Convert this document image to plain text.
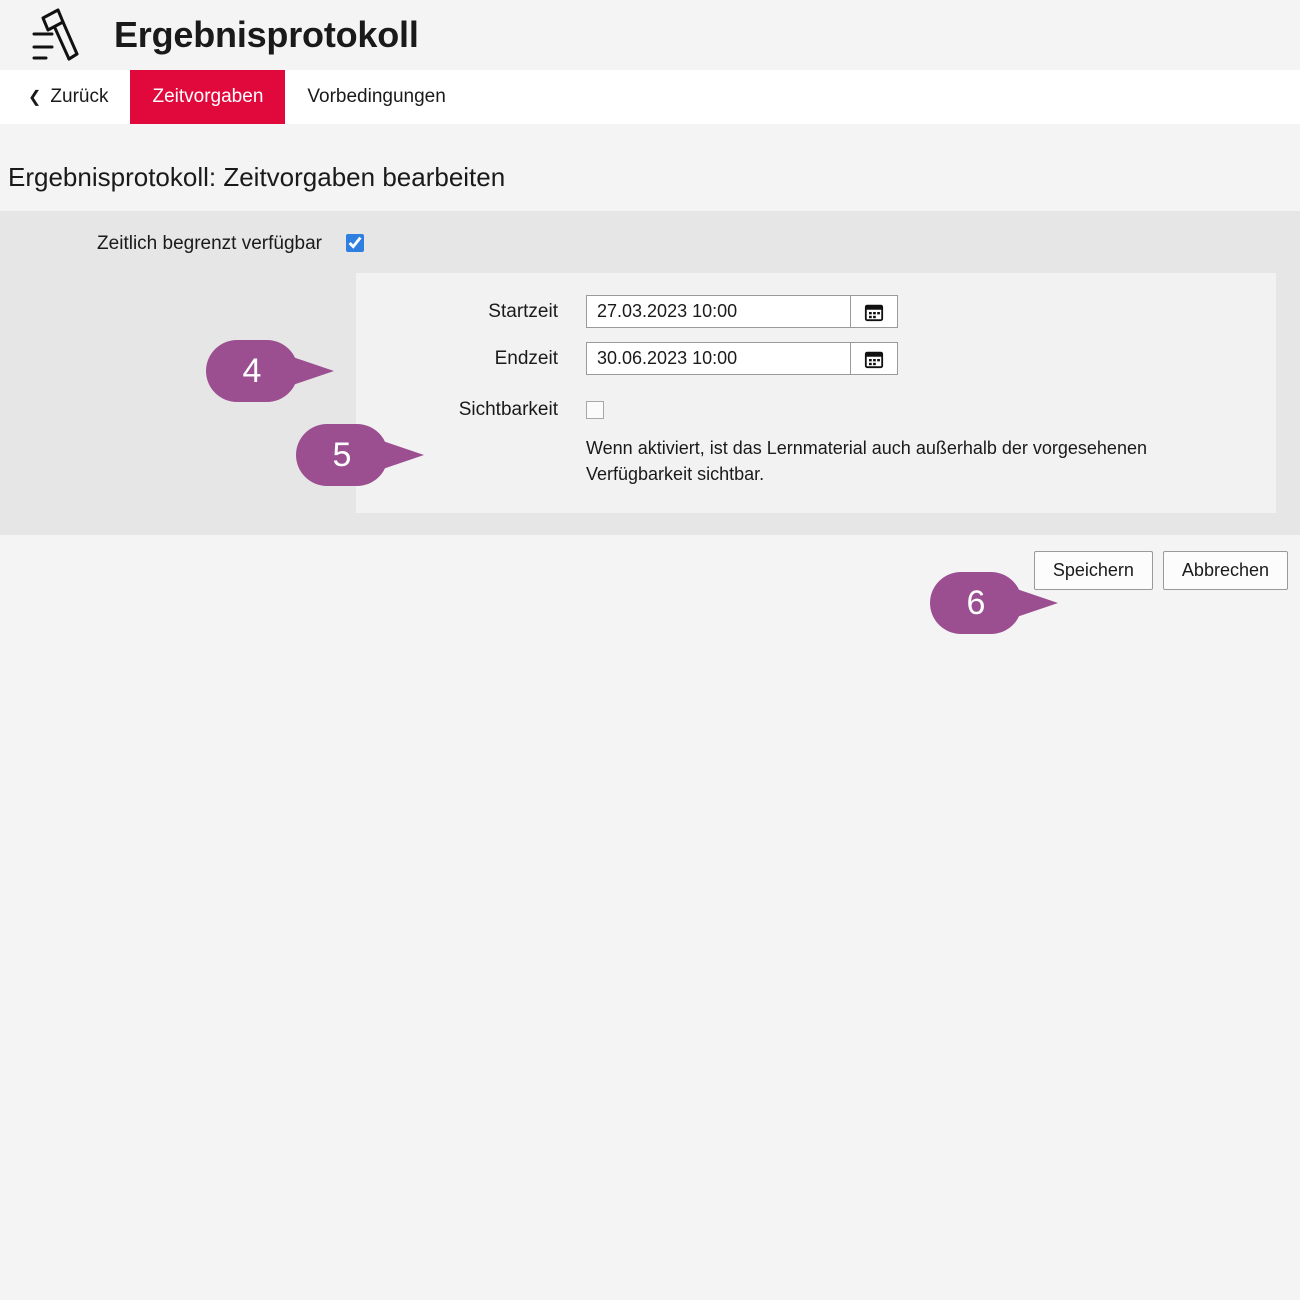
Ergebnisprotokoll
❮ Zurück Zeitvorgaben Vorbedingungen
Ergebnisprotokoll: Zeitvorgaben bearbeiten
Zeitlich begrenzt verfügbar
Startzeit
27.03.2023 10:00
Endzeit
30.06.2023 10:00
Sichtbarkeit
Wenn aktiviert, ist das Lernmaterial auch außerhalb der vorgesehenen Verfügbarkeit sichtbar.
Speichern	Abbrechen
4
5
6
